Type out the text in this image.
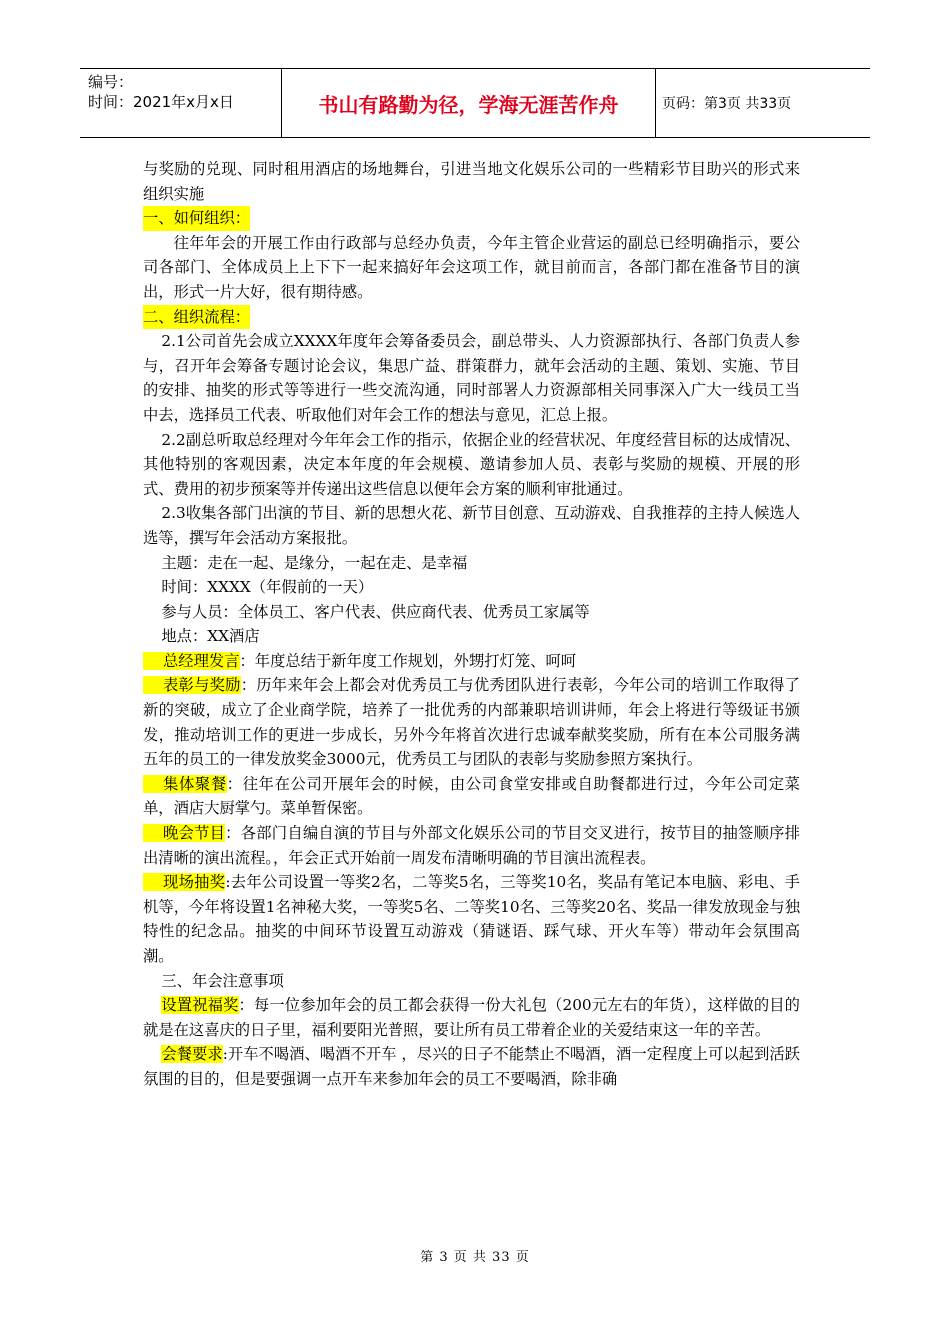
编号：
时间：2021年x月x日	书山有路勤为径，学海无涯苦作舟	页码：第3页 共33页

与奖励的兑现、同时租用酒店的场地舞台，引进当地文化娱乐公司的一些精彩节目助兴的形式来组织实施

一、如何组织：

往年年会的开展工作由行政部与总经办负责，今年主管企业营运的副总已经明确指示，要公司各部门、全体成员上上下下一起来搞好年会这项工作，就目前而言，各部门都在准备节目的演出，形式一片大好，很有期待感。

二、组织流程：

2.1公司首先会成立XXXX年度年会筹备委员会，副总带头、人力资源部执行、各部门负责人参与，召开年会筹备专题讨论会议，集思广益、群策群力，就年会活动的主题、策划、实施、节目的安排、抽奖的形式等等进行一些交流沟通，同时部署人力资源部相关同事深入广大一线员工当中去，选择员工代表、听取他们对年会工作的想法与意见，汇总上报。

2.2副总听取总经理对今年年会工作的指示，依据企业的经营状况、年度经营目标的达成情况、其他特别的客观因素，决定本年度的年会规模、邀请参加人员、表彰与奖励的规模、开展的形式、费用的初步预案等并传递出这些信息以便年会方案的顺利审批通过。

2.3收集各部门出演的节目、新的思想火花、新节目创意、互动游戏、自我推荐的主持人候选人选等，撰写年会活动方案报批。

主题：走在一起、是缘分，一起在走、是幸福

时间：XXXX（年假前的一天）

参与人员：全体员工、客户代表、供应商代表、优秀员工家属等

地点：XX酒店

总经理发言：年度总结于新年度工作规划，外甥打灯笼、呵呵

表彰与奖励：历年来年会上都会对优秀员工与优秀团队进行表彰，今年公司的培训工作取得了新的突破，成立了企业商学院，培养了一批优秀的内部兼职培训讲师，年会上将进行等级证书颁发，推动培训工作的更进一步成长，另外今年将首次进行忠诚奉献奖奖励，所有在本公司服务满五年的员工的一律发放奖金3000元，优秀员工与团队的表彰与奖励参照方案执行。

集体聚餐：往年在公司开展年会的时候，由公司食堂安排或自助餐都进行过，今年公司定菜单，酒店大厨掌勺。菜单暂保密。

晚会节目：各部门自编自演的节目与外部文化娱乐公司的节目交叉进行，按节目的抽签顺序排出清晰的演出流程。，年会正式开始前一周发布清晰明确的节目演出流程表。

现场抽奖:去年公司设置一等奖2名，二等奖5名，三等奖10名，奖品有笔记本电脑、彩电、手机等，今年将设置1名神秘大奖，一等奖5名、二等奖10名、三等奖20名、奖品一律发放现金与独特性的纪念品。抽奖的中间环节设置互动游戏（猜谜语、踩气球、开火车等）带动年会氛围高潮。

三、年会注意事项

设置祝福奖：每一位参加年会的员工都会获得一份大礼包（200元左右的年货），这样做的目的就是在这喜庆的日子里，福利要阳光普照，要让所有员工带着企业的关爱结束这一年的辛苦。

会餐要求:开车不喝酒、喝酒不开车 ，尽兴的日子不能禁止不喝酒，酒一定程度上可以起到活跃氛围的目的，但是要强调一点开车来参加年会的员工不要喝酒，除非确

第 3 页 共 33 页
